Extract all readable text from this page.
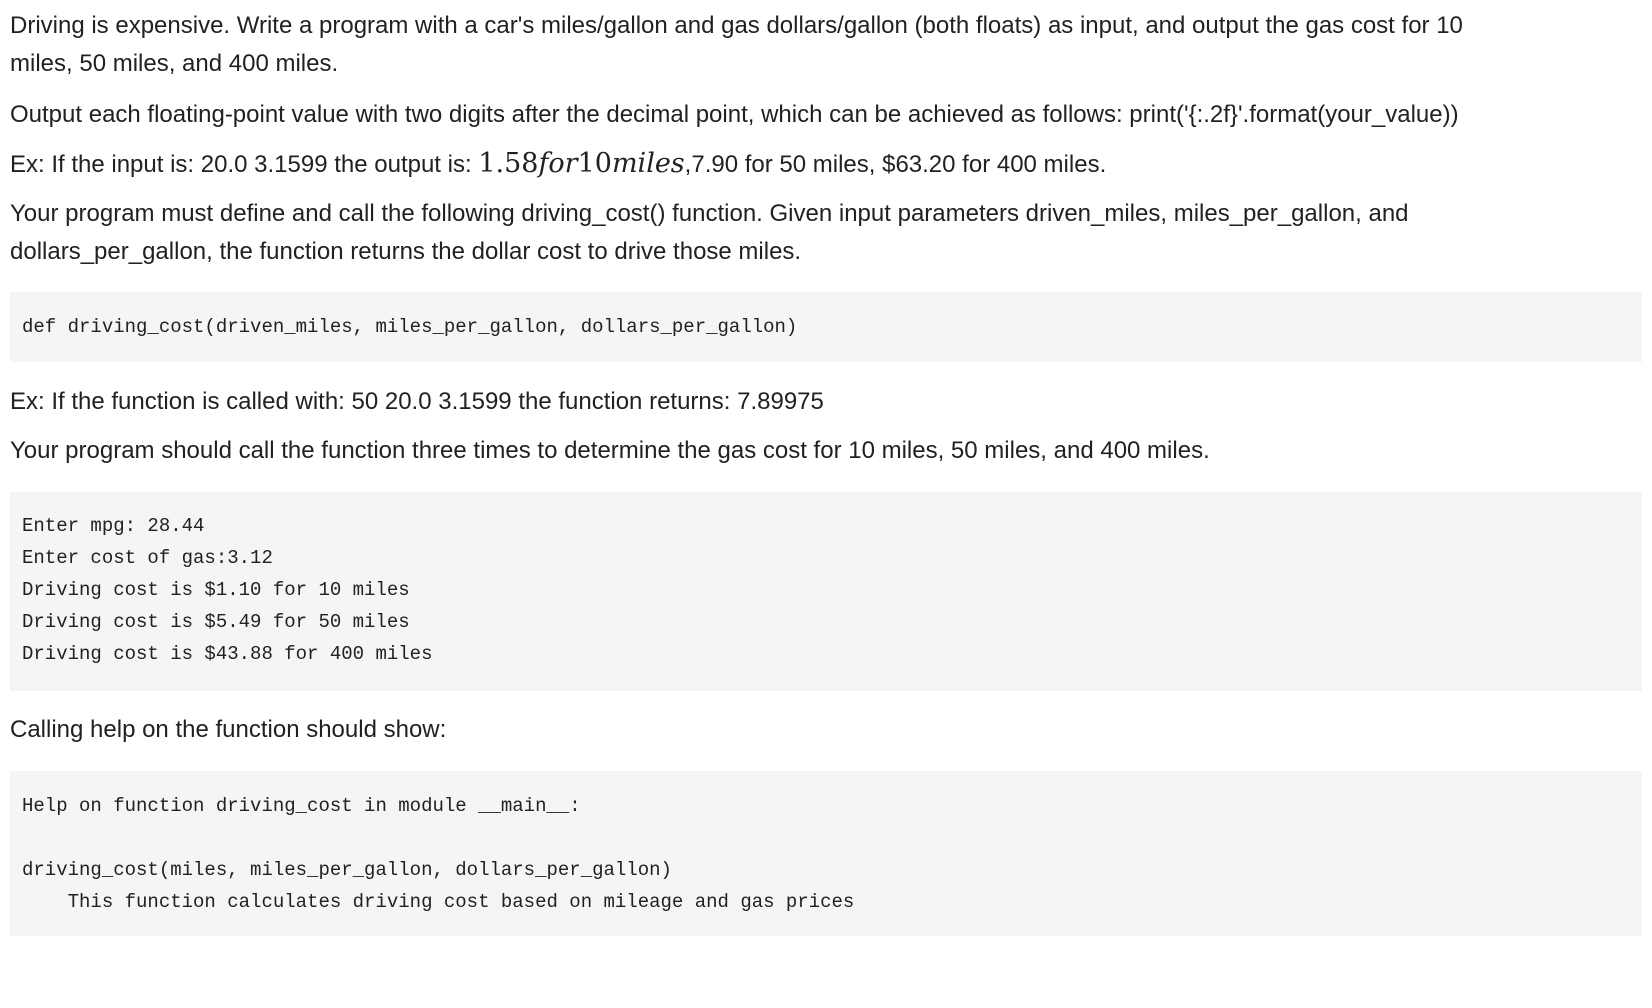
Driving is expensive. Write a program with a car's miles/gallon and gas dollars/gallon (both floats) as input, and output the gas cost for 10

miles, 50 miles, and 400 miles.

Output each floating-point value with two digits after the decimal point, which can be achieved as follows: print('{:.2f}'.format(your_value))

Ex: If the input is: 20.0 3.1599 the output is: 1.58for10miles,7.90 for 50 miles, $63.20 for 400 miles.

Your program must define and call the following driving_cost() function. Given input parameters driven_miles, miles_per_gallon, and

dollars_per_gallon, the function returns the dollar cost to drive those miles.

def driving_cost(driven_miles, miles_per_gallon, dollars_per_gallon)

Ex: If the function is called with: 50 20.0 3.1599 the function returns: 7.89975

Your program should call the function three times to determine the gas cost for 10 miles, 50 miles, and 400 miles.

Enter mpg: 28.44
Enter cost of gas:3.12
Driving cost is $1.10 for 10 miles
Driving cost is $5.49 for 50 miles
Driving cost is $43.88 for 400 miles

Calling help on the function should show:

Help on function driving_cost in module __main__:
driving_cost(miles, miles_per_gallon, dollars_per_gallon)
This function calculates driving cost based on mileage and gas prices
